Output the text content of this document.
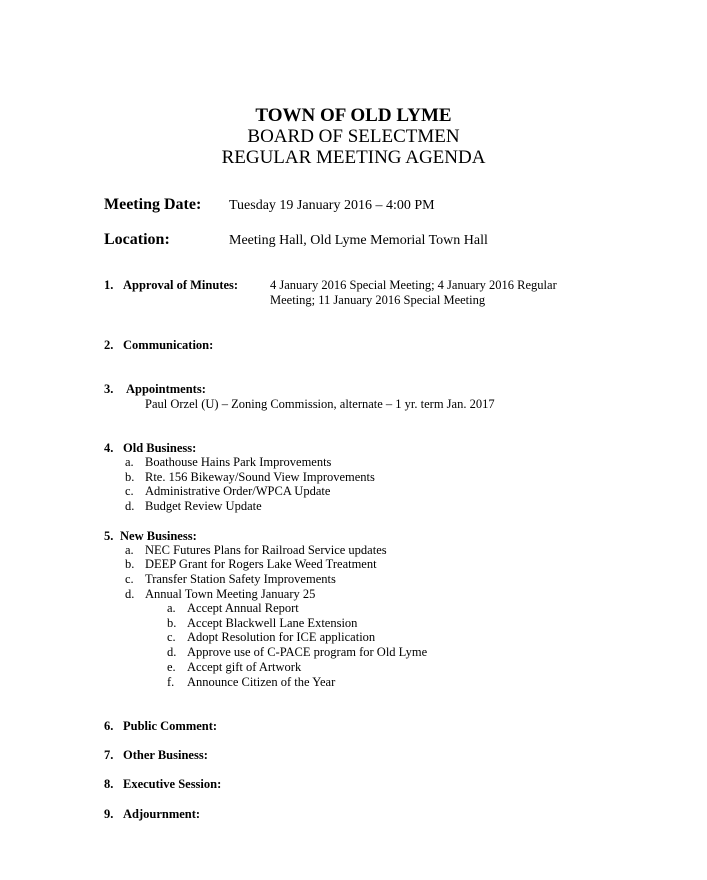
TOWN OF OLD LYME
BOARD OF SELECTMEN
REGULAR MEETING AGENDA
Meeting Date: Tuesday 19 January 2016 – 4:00 PM
Location:	Meeting Hall, Old Lyme Memorial Town Hall
1. Approval of Minutes:	4 January 2016 Special Meeting; 4 January 2016 Regular
Meeting; 11 January 2016 Special Meeting
2. Communication:
3. Appointments:
Paul Orzel (U) – Zoning Commission, alternate – 1 yr. term Jan. 2017
4. Old Business:
a. Boathouse Hains Park Improvements
b. Rte. 156 Bikeway/Sound View Improvements
c. Administrative Order/WPCA Update
d. Budget Review Update
5. New Business:
a. NEC Futures Plans for Railroad Service updates
b. DEEP Grant for Rogers Lake Weed Treatment
c. Transfer Station Safety Improvements
d. Annual Town Meeting January 25
a. Accept Annual Report
b. Accept Blackwell Lane Extension
c. Adopt Resolution for ICE application
d. Approve use of C-PACE program for Old Lyme
e. Accept gift of Artwork
f. Announce Citizen of the Year
6. Public Comment:
7. Other Business:
8. Executive Session:
9. Adjournment:
